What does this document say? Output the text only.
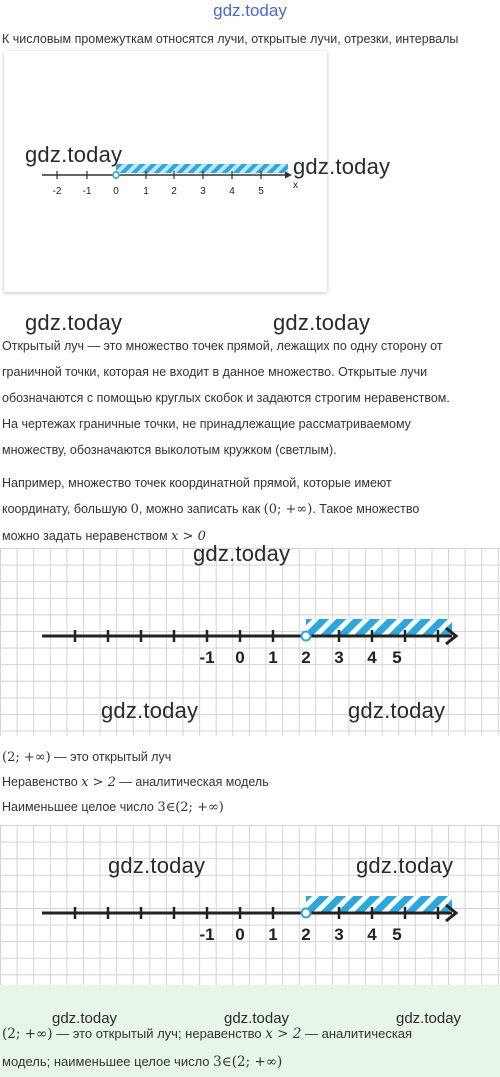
gdz.today
К числовым промежуткам относятся лучи, открытые лучи, отрезки, интервалы
-2 -1 0 1 2 3 4 5
x
gdz.today	gdz.today
gdz.today	gdz.today
Открытый луч — это множество точек прямой, лежащих по одну сторону от
граничной точки, которая не входит в данное множество. Открытые лучи
обозначаются с помощью круглых скобок и задаются строгим неравенством.
На чертежах граничные точки, не принадлежащие рассматриваемому
множеству, обозначаются выколотым кружком (светлым).
Например, множество точек координатной прямой, которые имеют
координату, большую 0, можно записать как (0; +∞). Такое множество
можно задать неравенством x > 0
-1 0 1 2 3 4 5
gdz.today
gdz.today	gdz.today
(2; +∞) — это открытый луч
Неравенство x > 2 — аналитическая модель
Наименьшее целое число 3∈(2; +∞)
-1 0 1 2 3 4 5
gdz.today	gdz.today
gdz.today	gdz.today	gdz.today
(2; +∞) — это открытый луч; неравенство x > 2 — аналитическая
модель; наименьшее целое число 3∈(2; +∞)
